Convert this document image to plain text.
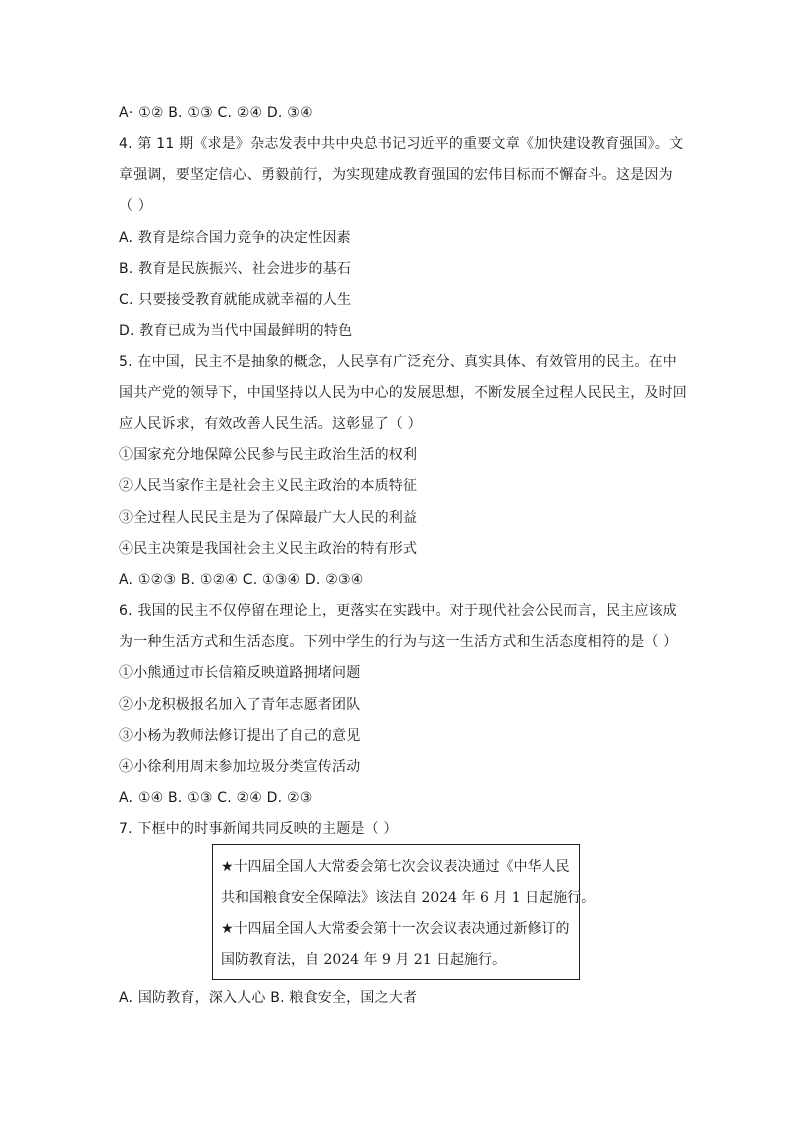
A· ①② B. ①③ C. ②④ D. ③④
4. 第 11 期《求是》杂志发表中共中央总书记习近平的重要文章《加快建设教育强国》。文
章强调，要坚定信心、勇毅前行，为实现建成教育强国的宏伟目标而不懈奋斗。这是因为
（ ）
A. 教育是综合国力竞争的决定性因素
B. 教育是民族振兴、社会进步的基石
C. 只要接受教育就能成就幸福的人生
D. 教育已成为当代中国最鲜明的特色
5. 在中国，民主不是抽象的概念，人民享有广泛充分、真实具体、有效管用的民主。在中
国共产党的领导下，中国坚持以人民为中心的发展思想，不断发展全过程人民民主，及时回
应人民诉求，有效改善人民生活。这彰显了（ ）
①国家充分地保障公民参与民主政治生活的权利
②人民当家作主是社会主义民主政治的本质特征
③全过程人民民主是为了保障最广大人民的利益
④民主决策是我国社会主义民主政治的特有形式
A. ①②③ B. ①②④ C. ①③④ D. ②③④
6. 我国的民主不仅停留在理论上，更落实在实践中。对于现代社会公民而言，民主应该成
为一种生活方式和生活态度。下列中学生的行为与这一生活方式和生活态度相符的是（ ）
①小熊通过市长信箱反映道路拥堵问题
②小龙积极报名加入了青年志愿者团队
③小杨为教师法修订提出了自己的意见
④小徐利用周末参加垃圾分类宣传活动
A. ①④ B. ①③ C. ②④ D. ②③
7. 下框中的时事新闻共同反映的主题是（ ）
★十四届全国人大常委会第七次会议表决通过《中华人民
共和国粮食安全保障法》该法自 2024 年 6 月 1 日起施行。
★十四届全国人大常委会第十一次会议表决通过新修订的
国防教育法，自 2024 年 9 月 21 日起施行。
A. 国防教育，深入人心 B. 粮食安全，国之大者
